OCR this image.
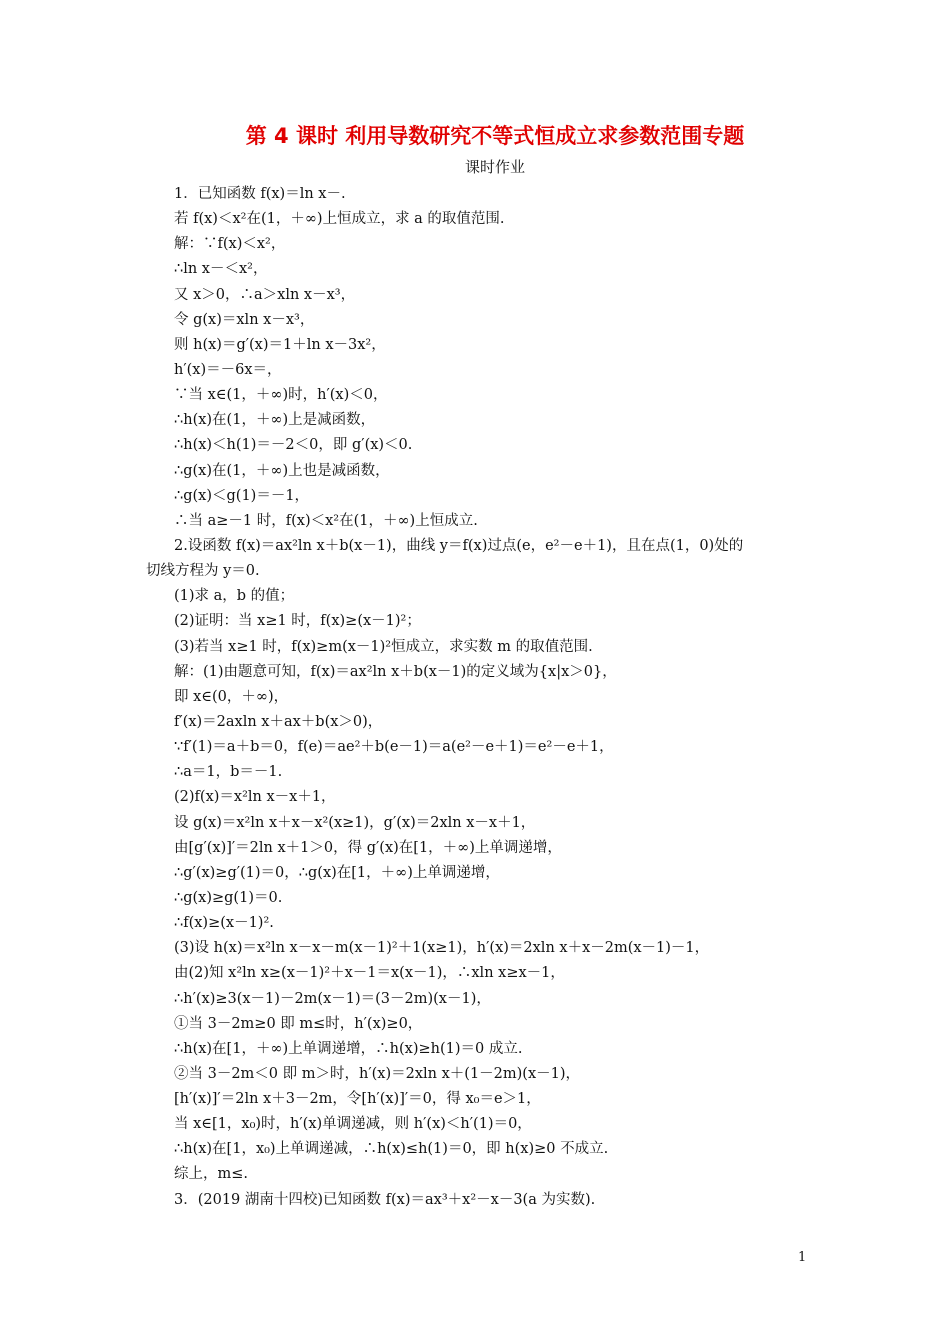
第 4 课时 利用导数研究不等式恒成立求参数范围专题
课时作业
1．已知函数 f(x)＝ln x－.
若 f(x)＜x²在(1，＋∞)上恒成立，求 a 的取值范围.
解：∵f(x)＜x²，
∴ln x－＜x²，
又 x＞0，∴a＞xln x－x³，
令 g(x)＝xln x－x³，
则 h(x)＝g′(x)＝1＋ln x－3x²，
h′(x)＝－6x＝，
∵当 x∈(1，＋∞)时，h′(x)＜0，
∴h(x)在(1，＋∞)上是减函数，
∴h(x)＜h(1)＝－2＜0，即 g′(x)＜0.
∴g(x)在(1，＋∞)上也是减函数，
∴g(x)＜g(1)＝－1，
∴当 a≥－1 时，f(x)＜x²在(1，＋∞)上恒成立.
2.设函数 f(x)＝ax²ln x＋b(x－1)，曲线 y＝f(x)过点(e，e²－e＋1)，且在点(1，0)处的
切线方程为 y＝0.
(1)求 a，b 的值；
(2)证明：当 x≥1 时，f(x)≥(x－1)²；
(3)若当 x≥1 时，f(x)≥m(x－1)²恒成立，求实数 m 的取值范围.
解：(1)由题意可知，f(x)＝ax²ln x＋b(x－1)的定义域为{x|x＞0}，
即 x∈(0，＋∞)，
f′(x)＝2axln x＋ax＋b(x＞0)，
∵f′(1)＝a＋b＝0，f(e)＝ae²＋b(e－1)＝a(e²－e＋1)＝e²－e＋1，
∴a＝1，b＝－1.
(2)f(x)＝x²ln x－x＋1，
设 g(x)＝x²ln x＋x－x²(x≥1)，g′(x)＝2xln x－x＋1，
由[g′(x)]′＝2ln x＋1＞0，得 g′(x)在[1，＋∞)上单调递增，
∴g′(x)≥g′(1)＝0，∴g(x)在[1，＋∞)上单调递增，
∴g(x)≥g(1)＝0.
∴f(x)≥(x－1)².
(3)设 h(x)＝x²ln x－x－m(x－1)²＋1(x≥1)，h′(x)＝2xln x＋x－2m(x－1)－1，
由(2)知 x²ln x≥(x－1)²＋x－1＝x(x－1)，∴xln x≥x－1，
∴h′(x)≥3(x－1)－2m(x－1)＝(3－2m)(x－1)，
①当 3－2m≥0 即 m≤时，h′(x)≥0，
∴h(x)在[1，＋∞)上单调递增，∴h(x)≥h(1)＝0 成立.
②当 3－2m＜0 即 m＞时，h′(x)＝2xln x＋(1－2m)(x－1)，
[h′(x)]′＝2ln x＋3－2m，令[h′(x)]′＝0，得 x₀＝e＞1，
当 x∈[1，x₀)时，h′(x)单调递减，则 h′(x)＜h′(1)＝0，
∴h(x)在[1，x₀)上单调递减，∴h(x)≤h(1)＝0，即 h(x)≥0 不成立.
综上，m≤.
3．(2019 湖南十四校)已知函数 f(x)＝ax³＋x²－x－3(a 为实数).
1
